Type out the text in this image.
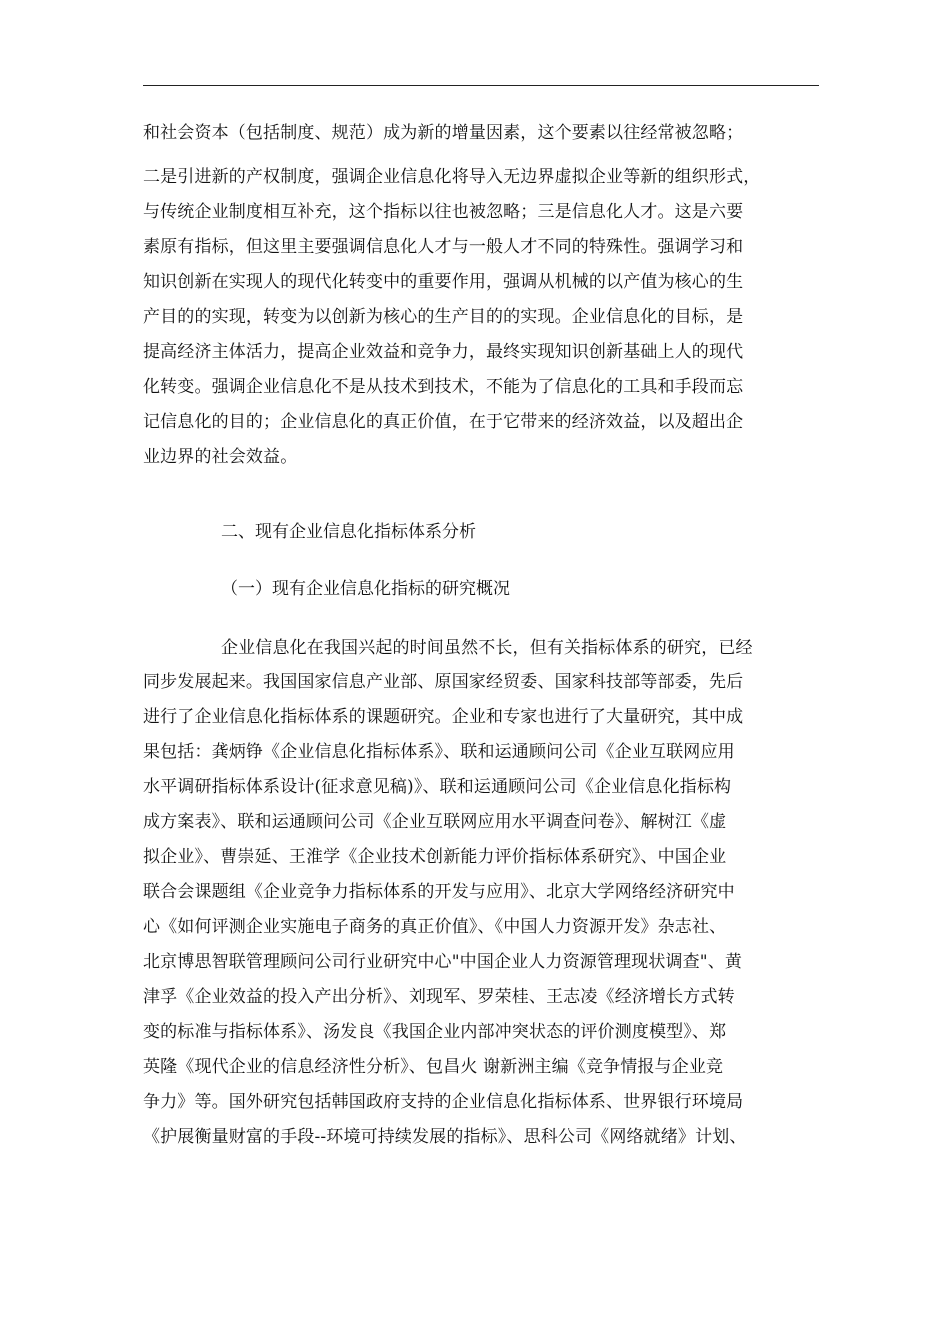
和社会资本（包括制度、规范）成为新的增量因素，这个要素以往经常被忽略；
二是引进新的产权制度，强调企业信息化将导入无边界虚拟企业等新的组织形式，
与传统企业制度相互补充，这个指标以往也被忽略；三是信息化人才。这是六要
素原有指标，但这里主要强调信息化人才与一般人才不同的特殊性。强调学习和
知识创新在实现人的现代化转变中的重要作用，强调从机械的以产值为核心的生
产目的的实现，转变为以创新为核心的生产目的的实现。企业信息化的目标，是
提高经济主体活力，提高企业效益和竞争力，最终实现知识创新基础上人的现代
化转变。强调企业信息化不是从技术到技术，不能为了信息化的工具和手段而忘
记信息化的目的；企业信息化的真正价值，在于它带来的经济效益，以及超出企
业边界的社会效益。
二、现有企业信息化指标体系分析
（一）现有企业信息化指标的研究概况
企业信息化在我国兴起的时间虽然不长，但有关指标体系的研究，已经
同步发展起来。我国国家信息产业部、原国家经贸委、国家科技部等部委，先后
进行了企业信息化指标体系的课题研究。企业和专家也进行了大量研究，其中成
果包括：龚炳铮《企业信息化指标体系》、联和运通顾问公司《企业互联网应用
水平调研指标体系设计(征求意见稿)》、联和运通顾问公司《企业信息化指标构
成方案表》、联和运通顾问公司《企业互联网应用水平调查问卷》、解树江《虚
拟企业》、曹崇延、王淮学《企业技术创新能力评价指标体系研究》、中国企业
联合会课题组《企业竞争力指标体系的开发与应用》、北京大学网络经济研究中
心《如何评测企业实施电子商务的真正价值》、《中国人力资源开发》杂志社、
北京博思智联管理顾问公司行业研究中心"中国企业人力资源管理现状调查"、黄
津孚《企业效益的投入产出分析》、刘现军、罗荣桂、王志凌《经济增长方式转
变的标准与指标体系》、汤发良《我国企业内部冲突状态的评价测度模型》、郑
英隆《现代企业的信息经济性分析》、包昌火 谢新洲主编《竞争情报与企业竞
争力》等。国外研究包括韩国政府支持的企业信息化指标体系、世界银行环境局
《护展衡量财富的手段--环境可持续发展的指标》、思科公司《网络就绪》计划、
